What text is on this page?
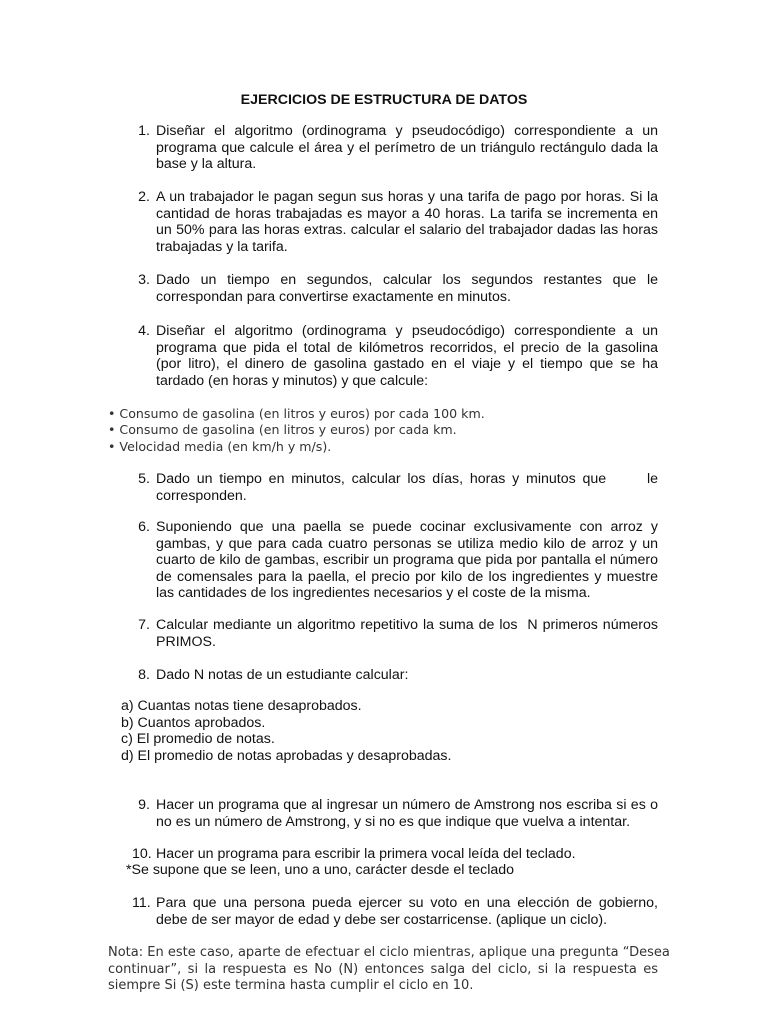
EJERCICIOS DE ESTRUCTURA DE DATOS
1. Diseñar el algoritmo (ordinograma y pseudocódigo) correspondiente a un
programa que calcule el área y el perímetro de un triángulo rectángulo dada la
base y la altura.
2. A un trabajador le pagan segun sus horas y una tarifa de pago por horas. Si la
cantidad de horas trabajadas es mayor a 40 horas. La tarifa se incrementa en
un 50% para las horas extras. calcular el salario del trabajador dadas las horas
trabajadas y la tarifa.
3. Dado un tiempo en segundos, calcular los segundos restantes que le
correspondan para convertirse exactamente en minutos.
4. Diseñar el algoritmo (ordinograma y pseudocódigo) correspondiente a un
programa que pida el total de kilómetros recorridos, el precio de la gasolina
(por litro), el dinero de gasolina gastado en el viaje y el tiempo que se ha
tardado (en horas y minutos) y que calcule:
• Consumo de gasolina (en litros y euros) por cada 100 km.
• Consumo de gasolina (en litros y euros) por cada km.
• Velocidad media (en km/h y m/s).
5. Dado un tiempo en minutos, calcular los días, horas y minutos que      le
corresponden.
6. Suponiendo que una paella se puede cocinar exclusivamente con arroz y
gambas, y que para cada cuatro personas se utiliza medio kilo de arroz y un
cuarto de kilo de gambas, escribir un programa que pida por pantalla el número
de comensales para la paella, el precio por kilo de los ingredientes y muestre
las cantidades de los ingredientes necesarios y el coste de la misma.
7. Calcular mediante un algoritmo repetitivo la suma de los  N primeros números
PRIMOS.
8. Dado N notas de un estudiante calcular:
a) Cuantas notas tiene desaprobados.
b) Cuantos aprobados.
c) El promedio de notas.
d) El promedio de notas aprobadas y desaprobadas.
9. Hacer un programa que al ingresar un número de Amstrong nos escriba si es o
no es un número de Amstrong, y si no es que indique que vuelva a intentar.
10. Hacer un programa para escribir la primera vocal leída del teclado.
*Se supone que se leen, uno a uno, carácter desde el teclado
11. Para que una persona pueda ejercer su voto en una elección de gobierno,
debe de ser mayor de edad y debe ser costarricense. (aplique un ciclo).
Nota: En este caso, aparte de efectuar el ciclo mientras, aplique una pregunta “Desea
continuar”, si la respuesta es No (N) entonces salga del ciclo, si la respuesta es
siempre Si (S) este termina hasta cumplir el ciclo en 10.
